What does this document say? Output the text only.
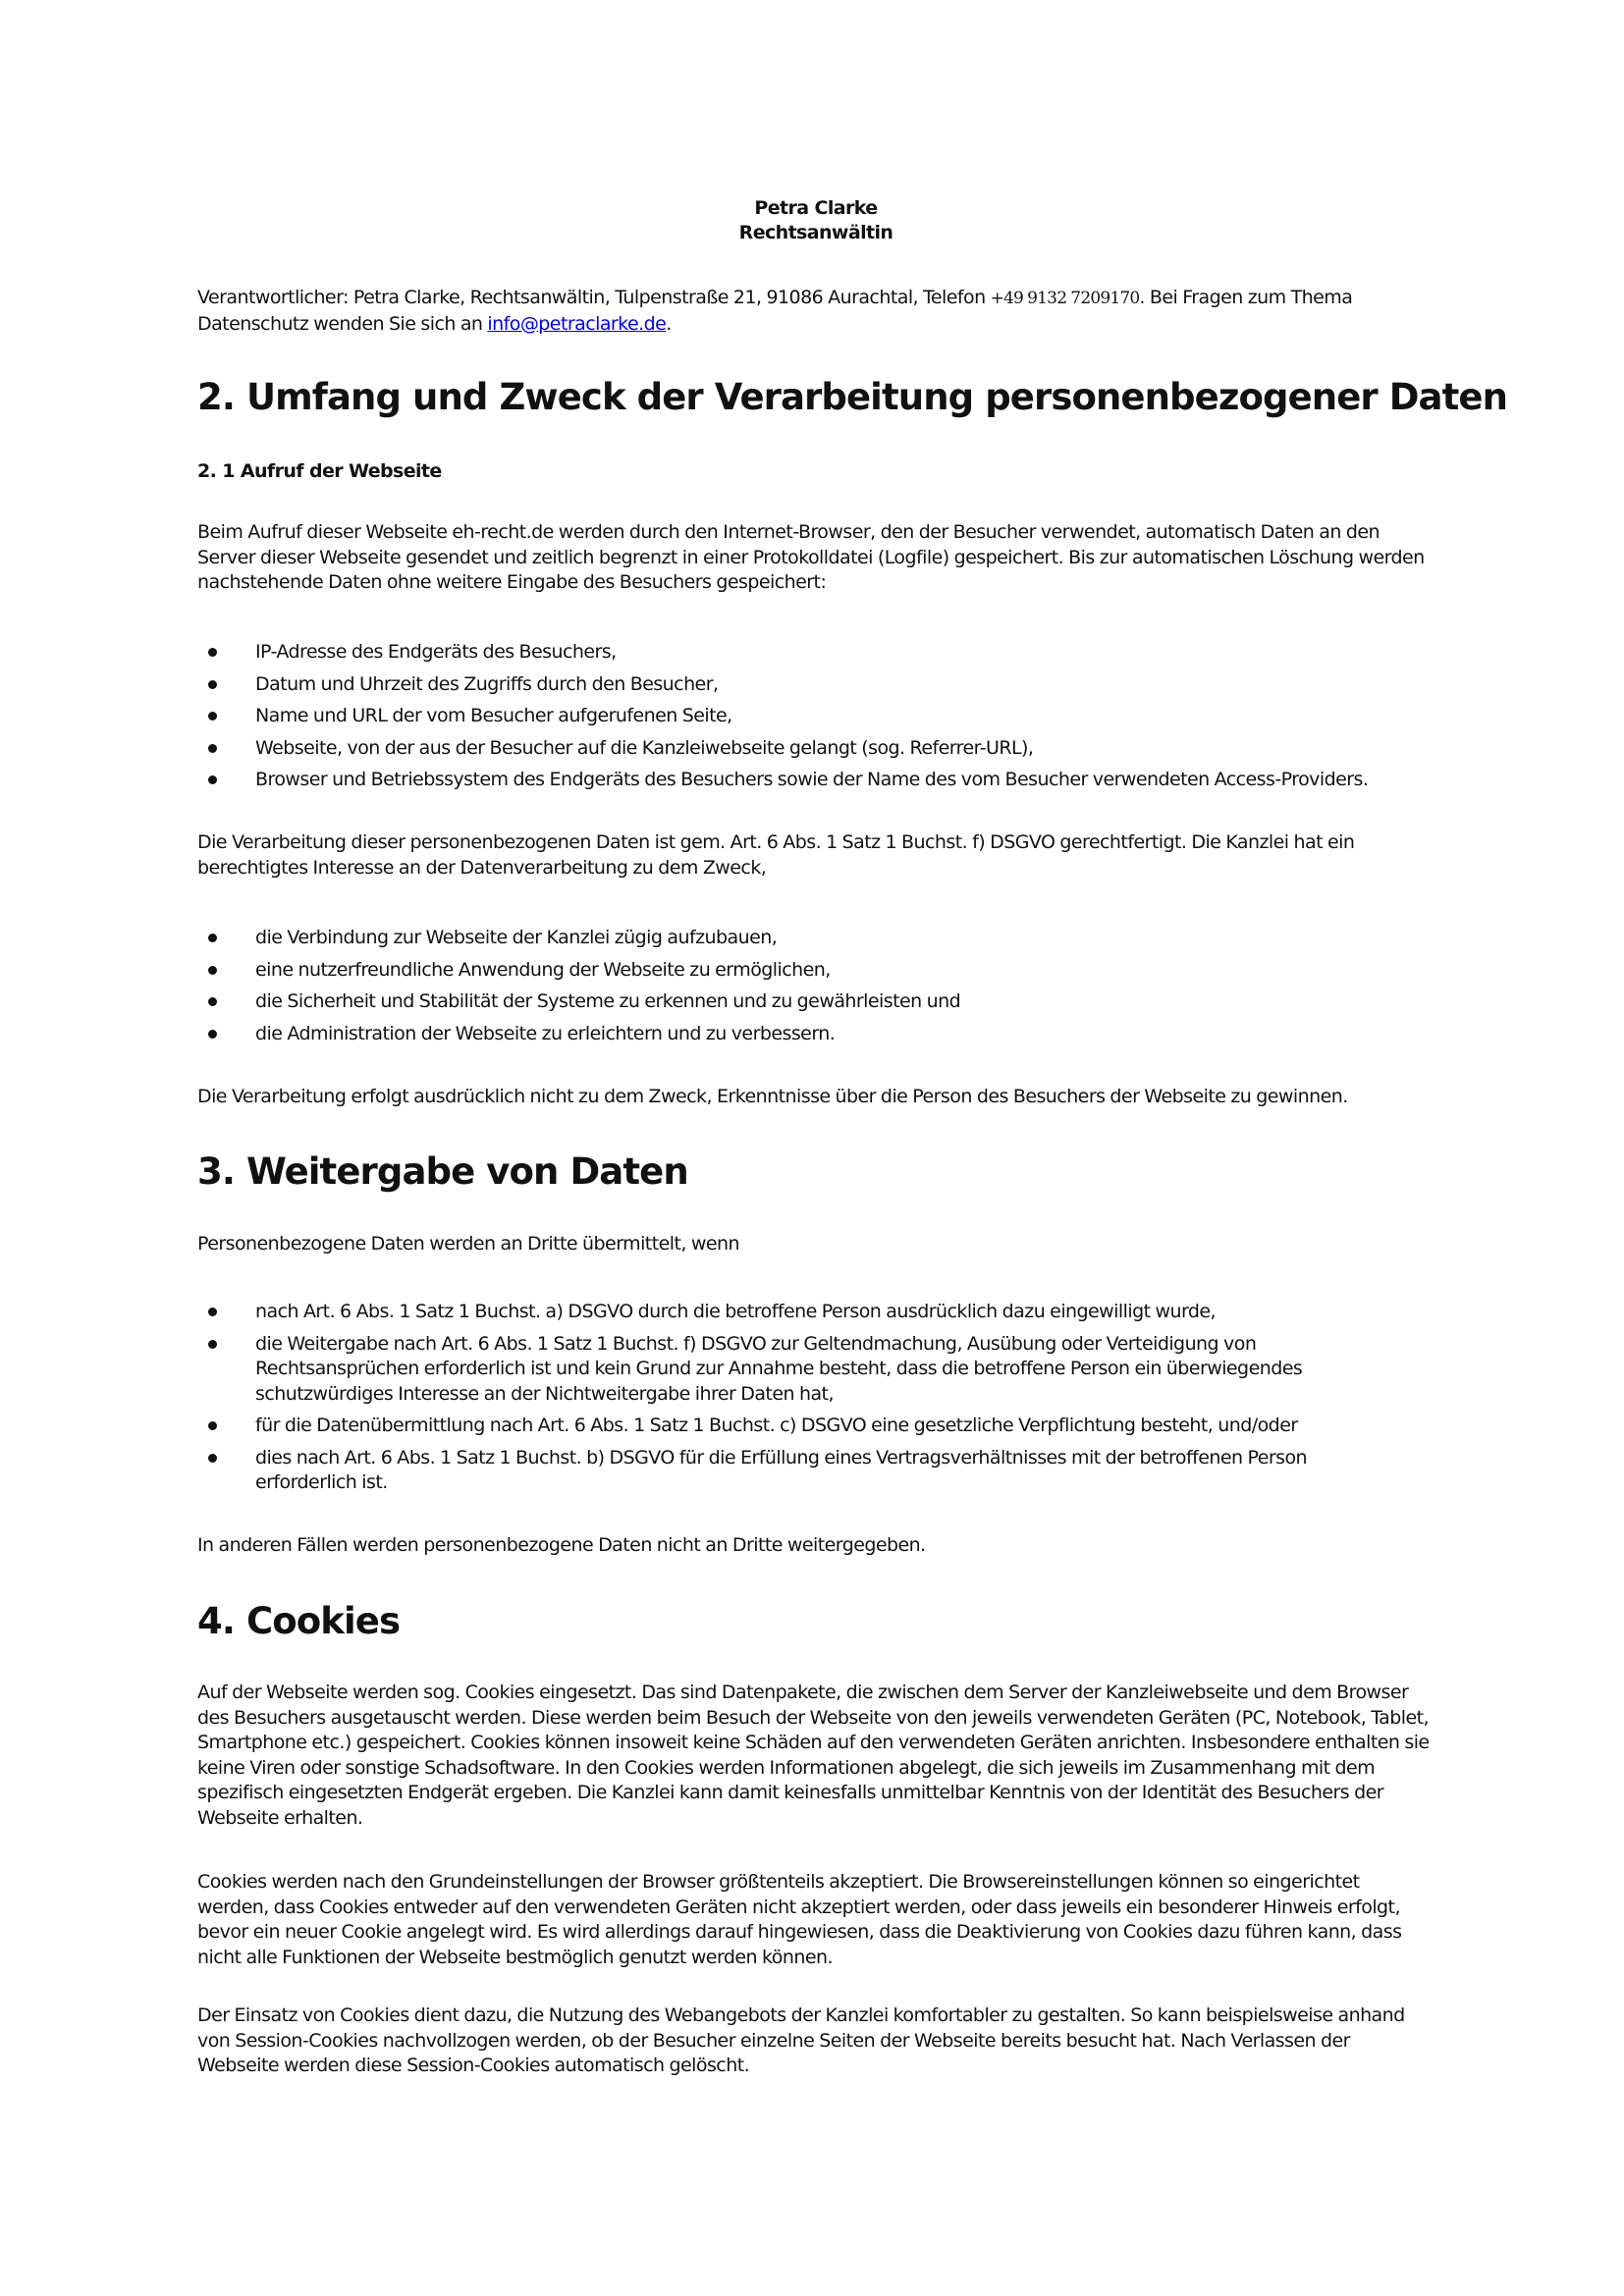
Petra Clarke
Rechtsanwältin
Verantwortlicher: Petra Clarke, Rechtsanwältin, Tulpenstraße 21, 91086 Aurachtal, Telefon +49 9132 7209170. Bei Fragen zum Thema Datenschutz wenden Sie sich an info@petraclarke.de.
2. Umfang und Zweck der Verarbeitung personenbezogener Daten
2. 1 Aufruf der Webseite
Beim Aufruf dieser Webseite eh-recht.de werden durch den Internet-Browser, den der Besucher verwendet, automatisch Daten an den Server dieser Webseite gesendet und zeitlich begrenzt in einer Protokolldatei (Logfile) gespeichert. Bis zur automatischen Löschung werden nachstehende Daten ohne weitere Eingabe des Besuchers gespeichert:
IP-Adresse des Endgeräts des Besuchers,
Datum und Uhrzeit des Zugriffs durch den Besucher,
Name und URL der vom Besucher aufgerufenen Seite,
Webseite, von der aus der Besucher auf die Kanzleiwebseite gelangt (sog. Referrer-URL),
Browser und Betriebssystem des Endgeräts des Besuchers sowie der Name des vom Besucher verwendeten Access-Providers.
Die Verarbeitung dieser personenbezogenen Daten ist gem. Art. 6 Abs. 1 Satz 1 Buchst. f) DSGVO gerechtfertigt. Die Kanzlei hat ein berechtigtes Interesse an der Datenverarbeitung zu dem Zweck,
die Verbindung zur Webseite der Kanzlei zügig aufzubauen,
eine nutzerfreundliche Anwendung der Webseite zu ermöglichen,
die Sicherheit und Stabilität der Systeme zu erkennen und zu gewährleisten und
die Administration der Webseite zu erleichtern und zu verbessern.
Die Verarbeitung erfolgt ausdrücklich nicht zu dem Zweck, Erkenntnisse über die Person des Besuchers der Webseite zu gewinnen.
3. Weitergabe von Daten
Personenbezogene Daten werden an Dritte übermittelt, wenn
nach Art. 6 Abs. 1 Satz 1 Buchst. a) DSGVO durch die betroffene Person ausdrücklich dazu eingewilligt wurde,
die Weitergabe nach Art. 6 Abs. 1 Satz 1 Buchst. f) DSGVO zur Geltendmachung, Ausübung oder Verteidigung von Rechtsansprüchen erforderlich ist und kein Grund zur Annahme besteht, dass die betroffene Person ein überwiegendes schutzwürdiges Interesse an der Nichtweitergabe ihrer Daten hat,
für die Datenübermittlung nach Art. 6 Abs. 1 Satz 1 Buchst. c) DSGVO eine gesetzliche Verpflichtung besteht, und/oder
dies nach Art. 6 Abs. 1 Satz 1 Buchst. b) DSGVO für die Erfüllung eines Vertragsverhältnisses mit der betroffenen Person erforderlich ist.
In anderen Fällen werden personenbezogene Daten nicht an Dritte weitergegeben.
4. Cookies
Auf der Webseite werden sog. Cookies eingesetzt. Das sind Datenpakete, die zwischen dem Server der Kanzleiwebseite und dem Browser des Besuchers ausgetauscht werden. Diese werden beim Besuch der Webseite von den jeweils verwendeten Geräten (PC, Notebook, Tablet, Smartphone etc.) gespeichert. Cookies können insoweit keine Schäden auf den verwendeten Geräten anrichten. Insbesondere enthalten sie keine Viren oder sonstige Schadsoftware. In den Cookies werden Informationen abgelegt, die sich jeweils im Zusammenhang mit dem spezifisch eingesetzten Endgerät ergeben. Die Kanzlei kann damit keinesfalls unmittelbar Kenntnis von der Identität des Besuchers der Webseite erhalten.
Cookies werden nach den Grundeinstellungen der Browser größtenteils akzeptiert. Die Browsereinstellungen können so eingerichtet werden, dass Cookies entweder auf den verwendeten Geräten nicht akzeptiert werden, oder dass jeweils ein besonderer Hinweis erfolgt, bevor ein neuer Cookie angelegt wird. Es wird allerdings darauf hingewiesen, dass die Deaktivierung von Cookies dazu führen kann, dass nicht alle Funktionen der Webseite bestmöglich genutzt werden können.
Der Einsatz von Cookies dient dazu, die Nutzung des Webangebots der Kanzlei komfortabler zu gestalten. So kann beispielsweise anhand von Session-Cookies nachvollzogen werden, ob der Besucher einzelne Seiten der Webseite bereits besucht hat. Nach Verlassen der Webseite werden diese Session-Cookies automatisch gelöscht.
